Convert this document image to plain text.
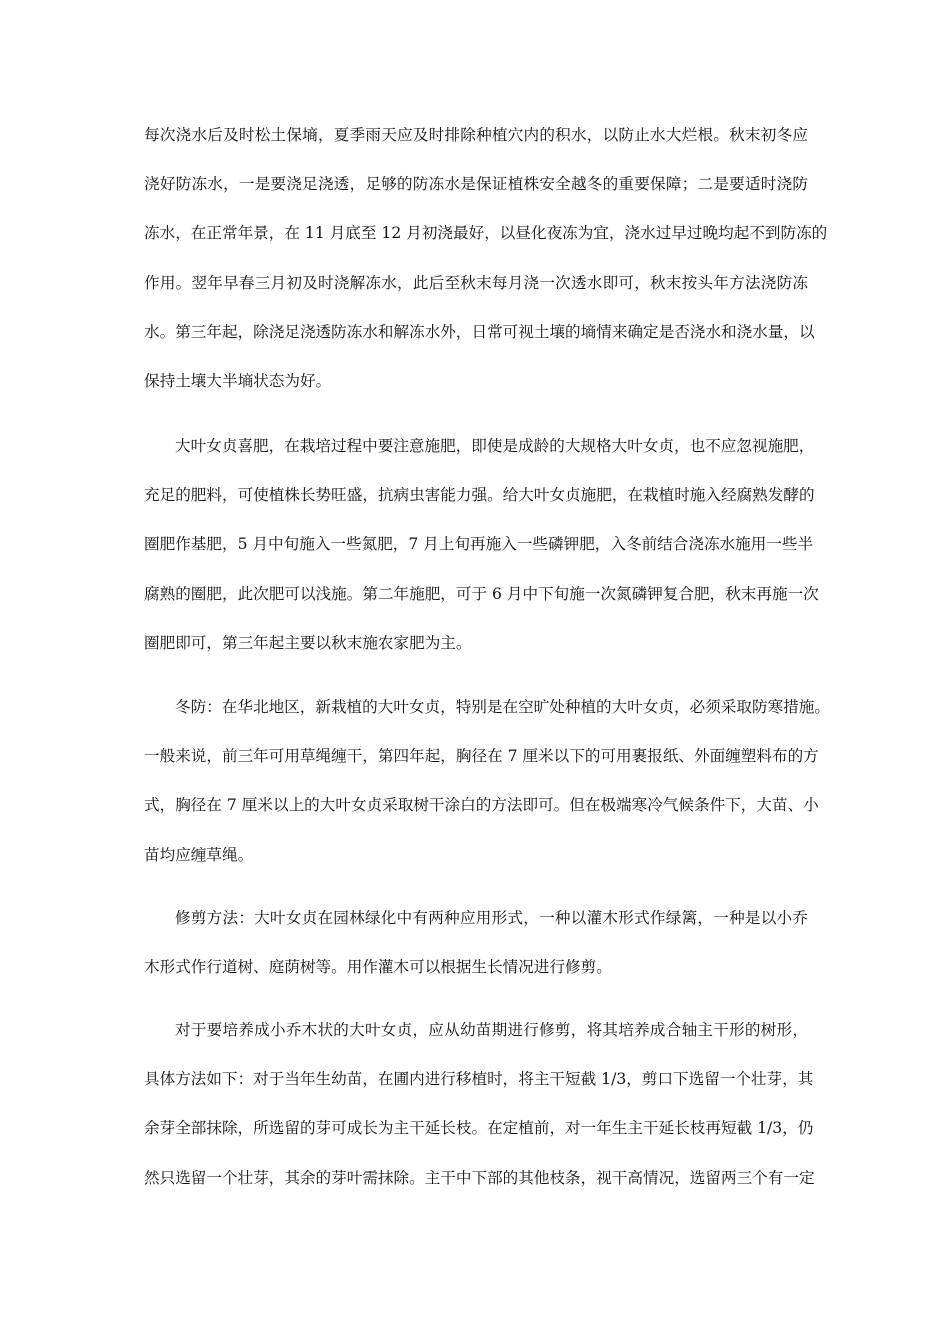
每次浇水后及时松土保墒，夏季雨天应及时排除种植穴内的积水，以防止水大烂根。秋末初冬应
浇好防冻水，一是要浇足浇透，足够的防冻水是保证植株安全越冬的重要保障；二是要适时浇防
冻水，在正常年景，在 11 月底至 12 月初浇最好，以昼化夜冻为宜，浇水过早过晚均起不到防冻的
作用。翌年早春三月初及时浇解冻水，此后至秋末每月浇一次透水即可，秋末按头年方法浇防冻
水。第三年起，除浇足浇透防冻水和解冻水外，日常可视土壤的墒情来确定是否浇水和浇水量，以
保持土壤大半墒状态为好。
大叶女贞喜肥，在栽培过程中要注意施肥，即使是成龄的大规格大叶女贞，也不应忽视施肥，
充足的肥料，可使植株长势旺盛，抗病虫害能力强。给大叶女贞施肥，在栽植时施入经腐熟发酵的
圈肥作基肥，5 月中旬施入一些氮肥，7 月上旬再施入一些磷钾肥，入冬前结合浇冻水施用一些半
腐熟的圈肥，此次肥可以浅施。第二年施肥，可于 6 月中下旬施一次氮磷钾复合肥，秋末再施一次
圈肥即可，第三年起主要以秋末施农家肥为主。
冬防：在华北地区，新栽植的大叶女贞，特别是在空旷处种植的大叶女贞，必须采取防寒措施。
一般来说，前三年可用草绳缠干，第四年起，胸径在 7 厘米以下的可用裹报纸、外面缠塑料布的方
式，胸径在 7 厘米以上的大叶女贞采取树干涂白的方法即可。但在极端寒冷气候条件下，大苗、小
苗均应缠草绳。
修剪方法：大叶女贞在园林绿化中有两种应用形式，一种以灌木形式作绿篱，一种是以小乔
木形式作行道树、庭荫树等。用作灌木可以根据生长情况进行修剪。
对于要培养成小乔木状的大叶女贞，应从幼苗期进行修剪，将其培养成合轴主干形的树形，
具体方法如下：对于当年生幼苗，在圃内进行移植时，将主干短截 1/3，剪口下选留一个壮芽，其
余芽全部抹除，所选留的芽可成长为主干延长枝。在定植前，对一年生主干延长枝再短截 1/3，仍
然只选留一个壮芽，其余的芽叶需抹除。主干中下部的其他枝条，视干高情况，选留两三个有一定
